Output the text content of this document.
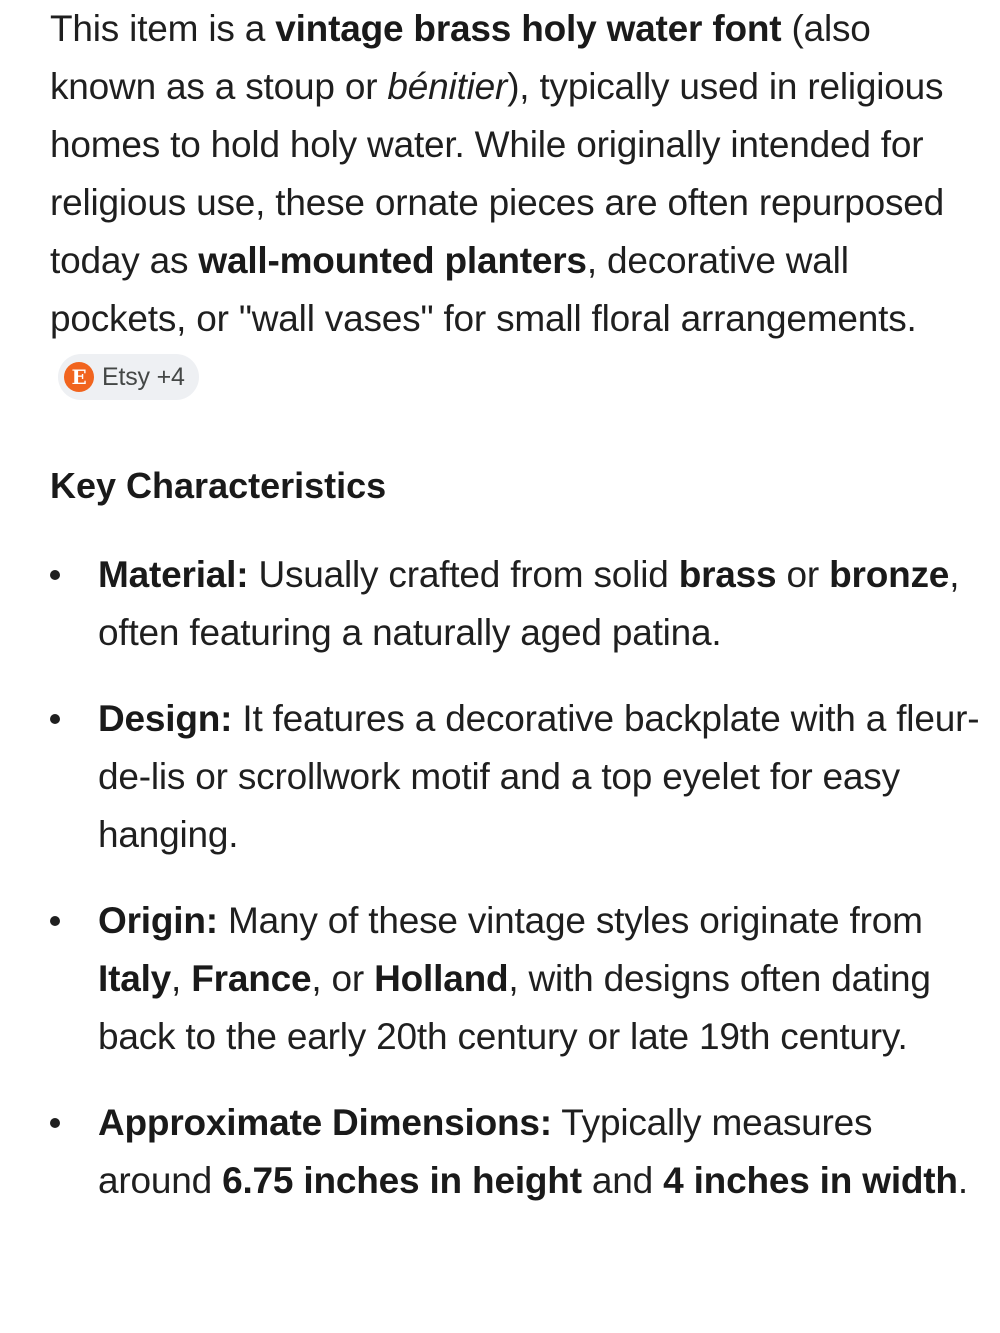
This item is a vintage brass holy water font (also known as a stoup or bénitier), typically used in religious homes to hold holy water. While originally intended for religious use, these ornate pieces are often repurposed today as wall-mounted planters, decorative wall pockets, or "wall vases" for small floral arrangements.
E Etsy +4

Key Characteristics
Material: Usually crafted from solid brass or bronze, often featuring a naturally aged patina.
Design: It features a decorative backplate with a fleur-de-lis or scrollwork motif and a top eyelet for easy hanging.
Origin: Many of these vintage styles originate from Italy, France, or Holland, with designs often dating back to the early 20th century or late 19th century.
Approximate Dimensions: Typically measures around 6.75 inches in height and 4 inches in width.
